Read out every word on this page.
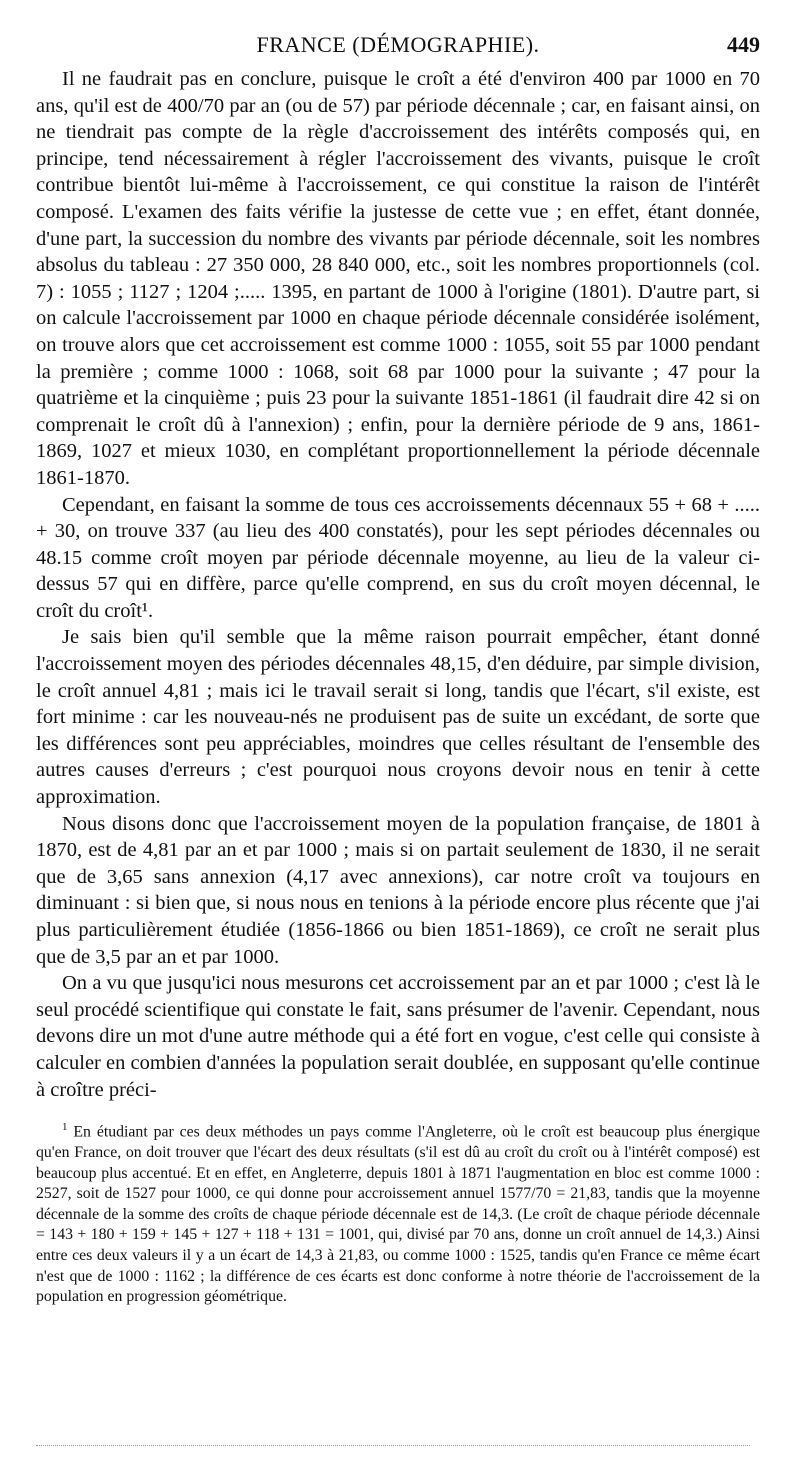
FRANCE (DÉMOGRAPHIE).	449

Il ne faudrait pas en conclure, puisque le croît a été d'environ 400 par 1000 en 70 ans, qu'il est de 400/70 par an (ou de 57) par période décennale ; car, en faisant ainsi, on ne tiendrait pas compte de la règle d'accroissement des intérêts composés qui, en principe, tend nécessairement à régler l'accroissement des vivants, puisque le croît contribue bientôt lui-même à l'accroissement, ce qui constitue la raison de l'intérêt composé. L'examen des faits vérifie la justesse de cette vue ; en effet, étant donnée, d'une part, la succession du nombre des vivants par période décennale, soit les nombres absolus du tableau : 27 350 000, 28 840 000, etc., soit les nombres proportionnels (col. 7) : 1055 ; 1127 ; 1204 ;..... 1395, en partant de 1000 à l'origine (1801). D'autre part, si on calcule l'accroissement par 1000 en chaque période décennale considérée isolément, on trouve alors que cet accroissement est comme 1000 : 1055, soit 55 par 1000 pendant la première ; comme 1000 : 1068, soit 68 par 1000 pour la suivante ; 47 pour la quatrième et la cinquième ; puis 23 pour la suivante 1851-1861 (il faudrait dire 42 si on comprenait le croît dû à l'annexion) ; enfin, pour la dernière période de 9 ans, 1861-1869, 1027 et mieux 1030, en complétant proportionnellement la période décennale 1861-1870.

Cependant, en faisant la somme de tous ces accroissements décennaux 55 + 68 + ..... + 30, on trouve 337 (au lieu des 400 constatés), pour les sept périodes décennales ou 48.15 comme croît moyen par période décennale moyenne, au lieu de la valeur ci-dessus 57 qui en diffère, parce qu'elle comprend, en sus du croît moyen décennal, le croît du croît¹.

Je sais bien qu'il semble que la même raison pourrait empêcher, étant donné l'accroissement moyen des périodes décennales 48,15, d'en déduire, par simple division, le croît annuel 4,81 ; mais ici le travail serait si long, tandis que l'écart, s'il existe, est fort minime : car les nouveau-nés ne produisent pas de suite un excédant, de sorte que les différences sont peu appréciables, moindres que celles résultant de l'ensemble des autres causes d'erreurs ; c'est pourquoi nous croyons devoir nous en tenir à cette approximation.

Nous disons donc que l'accroissement moyen de la population française, de 1801 à 1870, est de 4,81 par an et par 1000 ; mais si on partait seulement de 1830, il ne serait que de 3,65 sans annexion (4,17 avec annexions), car notre croît va toujours en diminuant : si bien que, si nous nous en tenions à la période encore plus récente que j'ai plus particulièrement étudiée (1856-1866 ou bien 1851-1869), ce croît ne serait plus que de 3,5 par an et par 1000.

On a vu que jusqu'ici nous mesurons cet accroissement par an et par 1000 ; c'est là le seul procédé scientifique qui constate le fait, sans présumer de l'avenir. Cependant, nous devons dire un mot d'une autre méthode qui a été fort en vogue, c'est celle qui consiste à calculer en combien d'années la population serait doublée, en supposant qu'elle continue à croître préci-

$^1$ En étudiant par ces deux méthodes un pays comme l'Angleterre, où le croît est beaucoup plus énergique qu'en France, on doit trouver que l'écart des deux résultats (s'il est dû au croît du croît ou à l'intérêt composé) est beaucoup plus accentué. Et en effet, en Angleterre, depuis 1801 à 1871 l'augmentation en bloc est comme 1000 : 2527, soit de 1527 pour 1000, ce qui donne pour accroissement annuel 1577/70 = 21,83, tandis que la moyenne décennale de la somme des croîts de chaque période décennale est de 14,3. (Le croît de chaque période décennale = 143 + 180 + 159 + 145 + 127 + 118 + 131 = 1001, qui, divisé par 70 ans, donne un croît annuel de 14,3.) Ainsi entre ces deux valeurs il y a un écart de 14,3 à 21,83, ou comme 1000 : 1525, tandis qu'en France ce même écart n'est que de 1000 : 1162 ; la différence de ces écarts est donc conforme à notre théorie de l'accroissement de la population en progression géométrique.
